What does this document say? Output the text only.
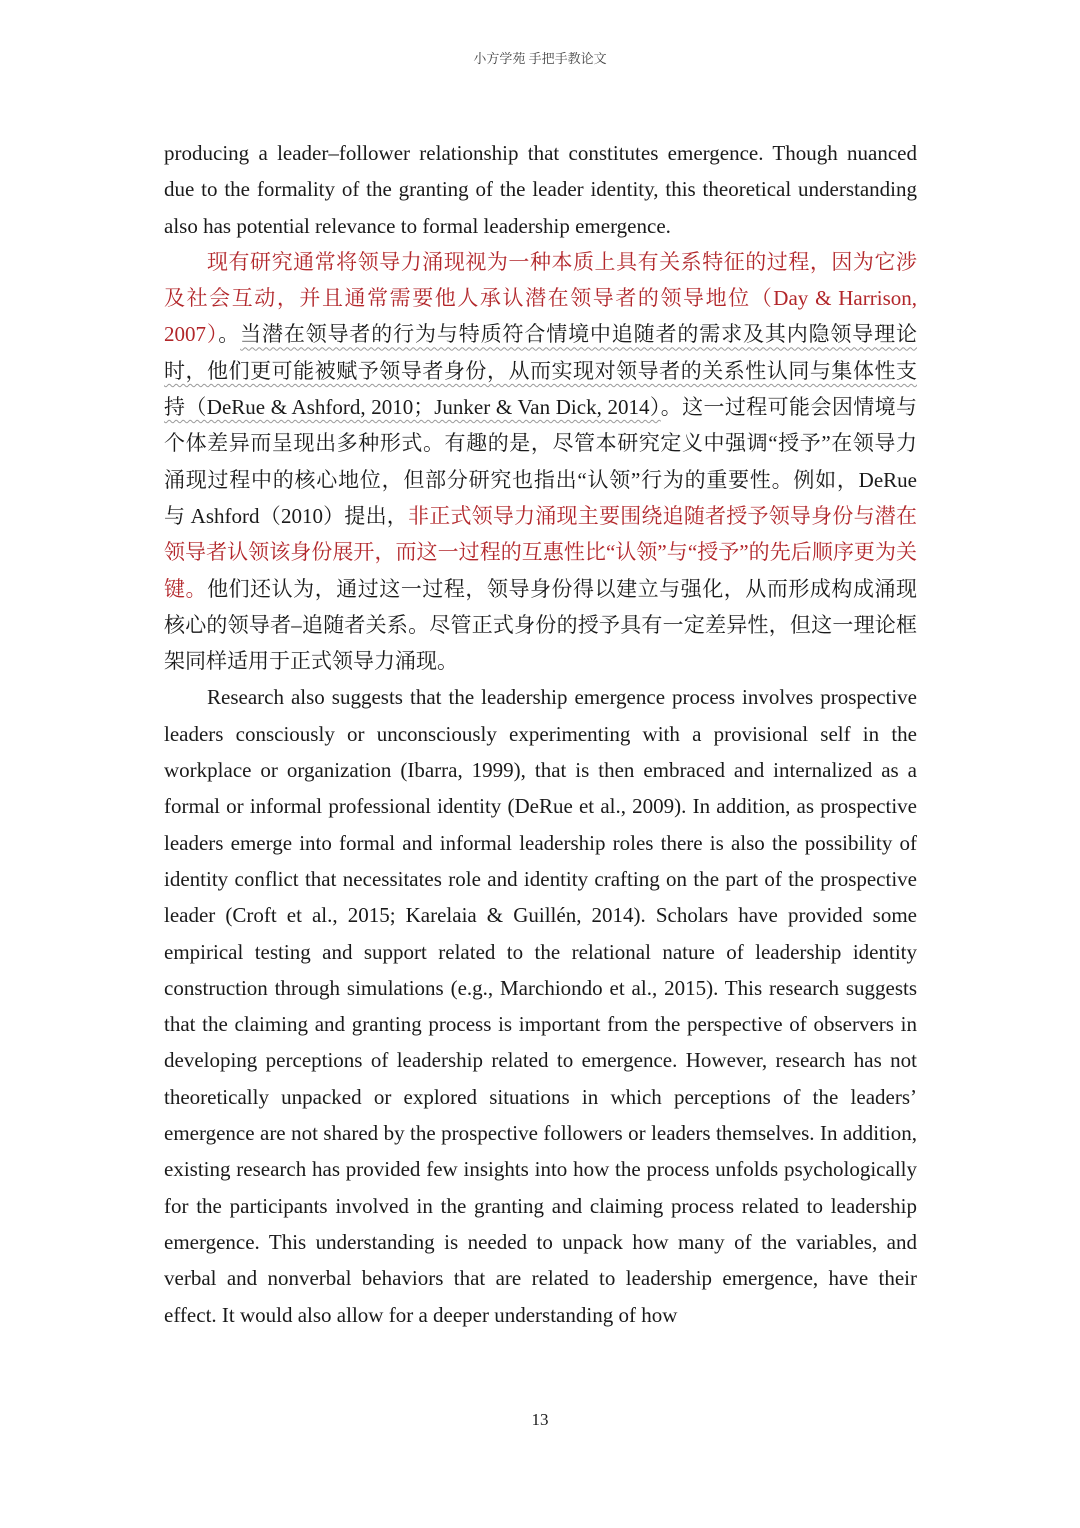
小方学苑 手把手教论文

producing a leader–follower relationship that constitutes emergence. Though nuanced due to the formality of the granting of the leader identity, this theoretical understanding also has potential relevance to formal leadership emergence.

现有研究通常将领导力涌现视为一种本质上具有关系特征的过程，因为它涉及社会互动，并且通常需要他人承认潜在领导者的领导地位（Day & Harrison, 2007）。当潜在领导者的行为与特质符合情境中追随者的需求及其内隐领导理论时，他们更可能被赋予领导者身份，从而实现对领导者的关系性认同与集体性支持（DeRue & Ashford, 2010；Junker & Van Dick, 2014）。这一过程可能会因情境与个体差异而呈现出多种形式。有趣的是，尽管本研究定义中强调“授予”在领导力涌现过程中的核心地位，但部分研究也指出“认领”行为的重要性。例如，DeRue 与 Ashford（2010）提出，非正式领导力涌现主要围绕追随者授予领导身份与潜在领导者认领该身份展开，而这一过程的互惠性比“认领”与“授予”的先后顺序更为关键。他们还认为，通过这一过程，领导身份得以建立与强化，从而形成构成涌现核心的领导者–追随者关系。尽管正式身份的授予具有一定差异性，但这一理论框架同样适用于正式领导力涌现。

Research also suggests that the leadership emergence process involves prospective leaders consciously or unconsciously experimenting with a provisional self in the workplace or organization (Ibarra, 1999), that is then embraced and internalized as a formal or informal professional identity (DeRue et al., 2009). In addition, as prospective leaders emerge into formal and informal leadership roles there is also the possibility of identity conflict that necessitates role and identity crafting on the part of the prospective leader (Croft et al., 2015; Karelaia & Guillén, 2014). Scholars have provided some empirical testing and support related to the relational nature of leadership identity construction through simulations (e.g., Marchiondo et al., 2015). This research suggests that the claiming and granting process is important from the perspective of observers in developing perceptions of leadership related to emergence. However, research has not theoretically unpacked or explored situations in which perceptions of the leaders’ emergence are not shared by the prospective followers or leaders themselves. In addition, existing research has provided few insights into how the process unfolds psychologically for the participants involved in the granting and claiming process related to leadership emergence. This understanding is needed to unpack how many of the variables, and verbal and nonverbal behaviors that are related to leadership emergence, have their effect. It would also allow for a deeper understanding of how

13
